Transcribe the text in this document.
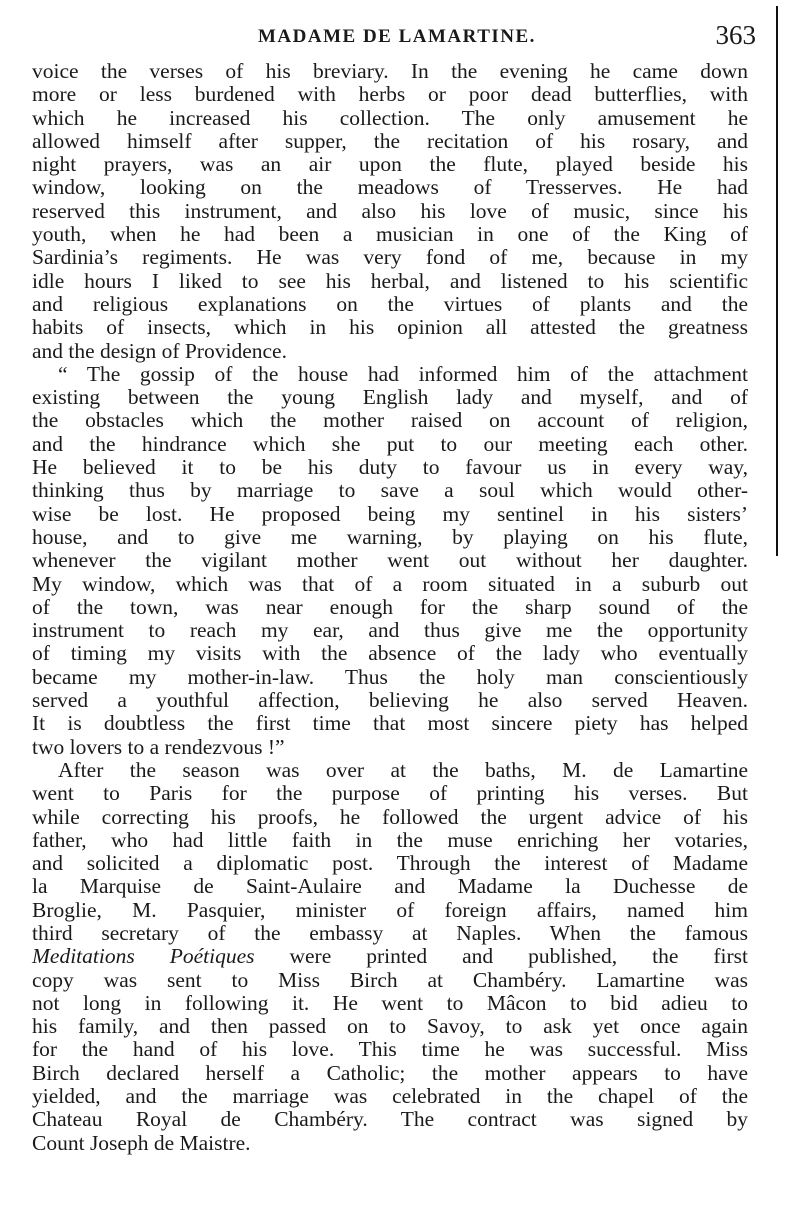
MADAME DE LAMARTINE.	363
voice the verses of his breviary. In the evening he came down
more or less burdened with herbs or poor dead butterflies, with
which he increased his collection. The only amusement he
allowed himself after supper, the recitation of his rosary, and
night prayers, was an air upon the flute, played beside his
window, looking on the meadows of Tresserves. He had
reserved this instrument, and also his love of music, since his
youth, when he had been a musician in one of the King of
Sardinia’s regiments. He was very fond of me, because in my
idle hours I liked to see his herbal, and listened to his scientific
and religious explanations on the virtues of plants and the
habits of insects, which in his opinion all attested the greatness
and the design of Providence.
“ The gossip of the house had informed him of the attachment
existing between the young English lady and myself, and of
the obstacles which the mother raised on account of religion,
and the hindrance which she put to our meeting each other.
He believed it to be his duty to favour us in every way,
thinking thus by marriage to save a soul which would other-
wise be lost. He proposed being my sentinel in his sisters’
house, and to give me warning, by playing on his flute,
whenever the vigilant mother went out without her daughter.
My window, which was that of a room situated in a suburb out
of the town, was near enough for the sharp sound of the
instrument to reach my ear, and thus give me the opportunity
of timing my visits with the absence of the lady who eventually
became my mother-in-law. Thus the holy man conscientiously
served a youthful affection, believing he also served Heaven.
It is doubtless the first time that most sincere piety has helped
two lovers to a rendezvous !”
After the season was over at the baths, M. de Lamartine
went to Paris for the purpose of printing his verses. But
while correcting his proofs, he followed the urgent advice of his
father, who had little faith in the muse enriching her votaries,
and solicited a diplomatic post. Through the interest of Madame
la Marquise de Saint-Aulaire and Madame la Duchesse de
Broglie, M. Pasquier, minister of foreign affairs, named him
third secretary of the embassy at Naples. When the famous
Meditations Poétiques were printed and published, the first
copy was sent to Miss Birch at Chambéry. Lamartine was
not long in following it. He went to Mâcon to bid adieu to
his family, and then passed on to Savoy, to ask yet once again
for the hand of his love. This time he was successful. Miss
Birch declared herself a Catholic; the mother appears to have
yielded, and the marriage was celebrated in the chapel of the
Chateau Royal de Chambéry. The contract was signed by
Count Joseph de Maistre.
